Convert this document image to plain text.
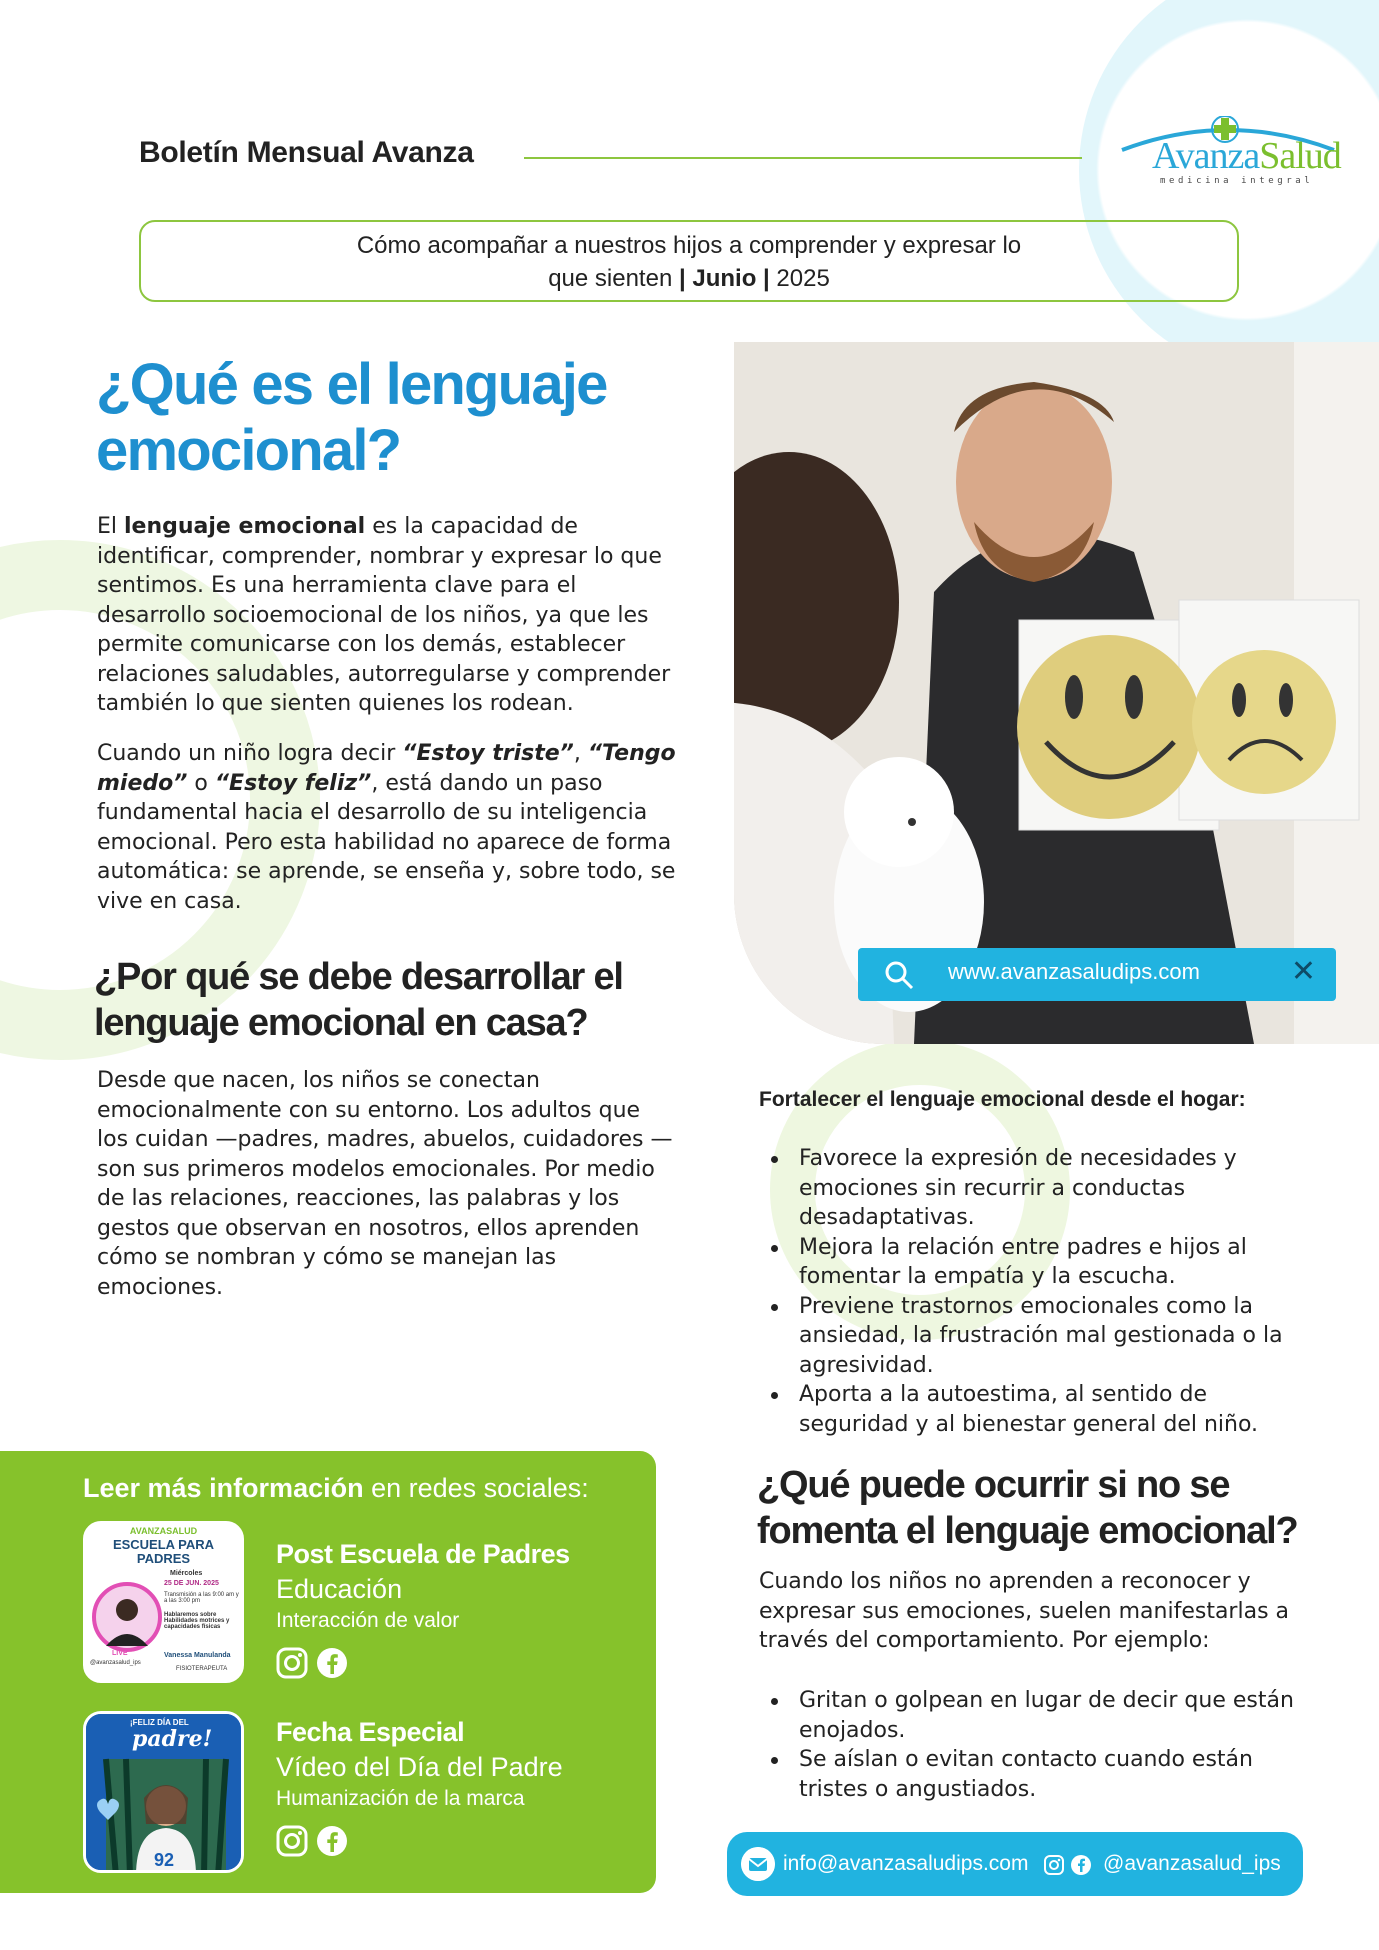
Boletín Mensual Avanza	AvanzaSalud
medicina integral
Cómo acompañar a nuestros hijos a comprender y expresar lo
que sienten | Junio | 2025
¿Qué es el lenguaje emocional?

El lenguaje emocional es la capacidad de identificar, comprender, nombrar y expresar lo que sentimos. Es una herramienta clave para el desarrollo socioemocional de los niños, ya que les permite comunicarse con los demás, establecer relaciones saludables, autorregularse y comprender también lo que sienten quienes los rodean.

Cuando un niño logra decir “Estoy triste”, “Tengo miedo” o “Estoy feliz”, está dando un paso fundamental hacia el desarrollo de su inteligencia emocional. Pero esta habilidad no aparece de forma automática: se aprende, se enseña y, sobre todo, se vive en casa.

¿Por qué se debe desarrollar el lenguaje emocional en casa?

Desde que nacen, los niños se conectan emocionalmente con su entorno. Los adultos que los cuidan —padres, madres, abuelos, cuidadores — son sus primeros modelos emocionales. Por medio de las relaciones, reacciones, las palabras y los gestos que observan en nosotros, ellos aprenden cómo se nombran y cómo se manejan las emociones.

www.avanzasaludips.com	✕
Fortalecer el lenguaje emocional desde el hogar:
Favorece la expresión de necesidades y emociones sin recurrir a conductas desadaptativas.
Mejora la relación entre padres e hijos al fomentar la empatía y la escucha.
Previene trastornos emocionales como la ansiedad, la frustración mal gestionada o la agresividad.
Aporta a la autoestima, al sentido de seguridad y al bienestar general del niño.
¿Qué puede ocurrir si no se fomenta el lenguaje emocional?

Cuando los niños no aprenden a reconocer y expresar sus emociones, suelen manifestarlas a través del comportamiento. Por ejemplo:

Gritan o golpean en lugar de decir que están enojados.
Se aíslan o evitan contacto cuando están tristes o angustiados.
info@avanzasaludips.com	@avanzasalud_ips
Leer más información en redes sociales:
AVANZASALUD
ESCUELA PARA PADRES
Miércoles
25 DE JUN. 2025
Transmisión a las 9:00 am y a las 3:00 pm
Hablaremos sobre Habilidades motrices y capacidades físicas
LIVE
@avanzasalud_ips
Vanessa Manulanda
FISIOTERAPEUTA
Post Escuela de Padres
Educación
Interacción de valor
¡FELIZ DÍA DEL
padre!
92
Fecha Especial
Vídeo del Día del Padre
Humanización de la marca
